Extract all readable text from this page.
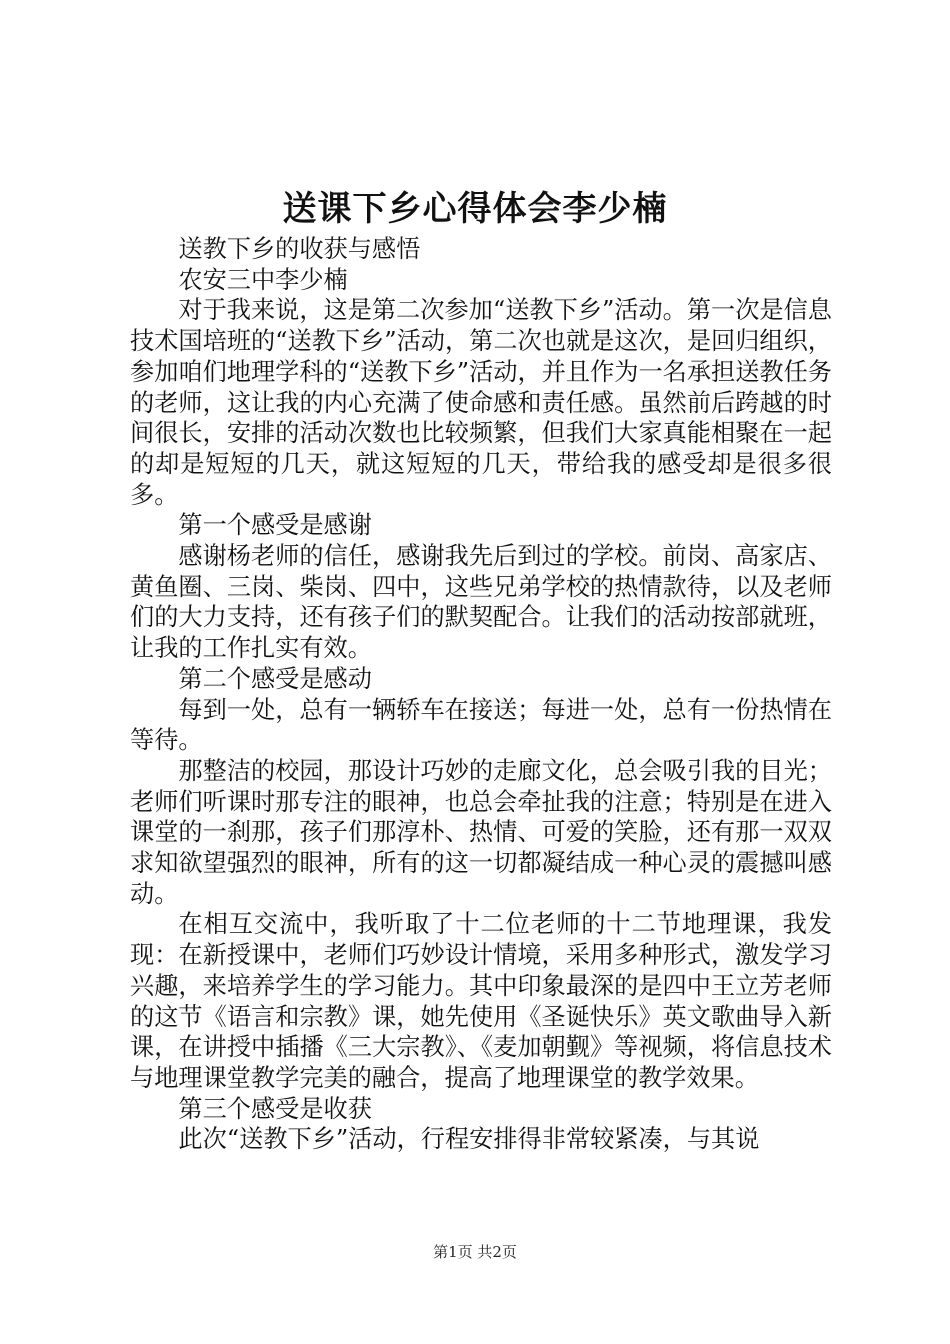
送课下乡心得体会李少楠

送教下乡的收获与感悟

农安三中李少楠

对于我来说，这是第二次参加“送教下乡”活动。第一次是信息技术国培班的“送教下乡”活动，第二次也就是这次，是回归组织，参加咱们地理学科的“送教下乡”活动，并且作为一名承担送教任务的老师，这让我的内心充满了使命感和责任感。虽然前后跨越的时间很长，安排的活动次数也比较频繁，但我们大家真能相聚在一起的却是短短的几天，就这短短的几天，带给我的感受却是很多很多。

第一个感受是感谢

感谢杨老师的信任，感谢我先后到过的学校。前岗、高家店、黄鱼圈、三岗、柴岗、四中，这些兄弟学校的热情款待，以及老师们的大力支持，还有孩子们的默契配合。让我们的活动按部就班，让我的工作扎实有效。

第二个感受是感动

每到一处，总有一辆轿车在接送；每进一处，总有一份热情在等待。

那整洁的校园，那设计巧妙的走廊文化，总会吸引我的目光；老师们听课时那专注的眼神，也总会牵扯我的注意；特别是在进入课堂的一刹那，孩子们那淳朴、热情、可爱的笑脸，还有那一双双求知欲望强烈的眼神，所有的这一切都凝结成一种心灵的震撼叫感动。

在相互交流中，我听取了十二位老师的十二节地理课，我发现：在新授课中，老师们巧妙设计情境，采用多种形式，激发学习兴趣，来培养学生的学习能力。其中印象最深的是四中王立芳老师的这节《语言和宗教》课，她先使用《圣诞快乐》英文歌曲导入新课，在讲授中插播《三大宗教》、《麦加朝觐》等视频，将信息技术与地理课堂教学完美的融合，提高了地理课堂的教学效果。

第三个感受是收获

此次“送教下乡”活动，行程安排得非常较紧凑，与其说

第1页 共2页
